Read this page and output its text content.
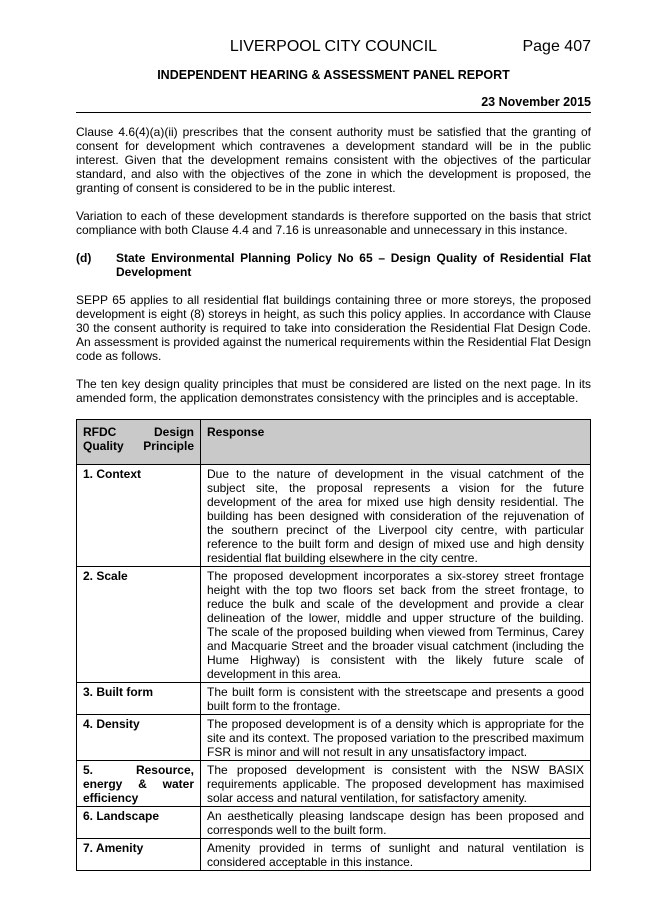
LIVERPOOL CITY COUNCIL	Page 407
INDEPENDENT HEARING & ASSESSMENT PANEL REPORT
23 November 2015

Clause 4.6(4)(a)(ii) prescribes that the consent authority must be satisfied that the granting of consent for development which contravenes a development standard will be in the public interest. Given that the development remains consistent with the objectives of the particular standard, and also with the objectives of the zone in which the development is proposed, the granting of consent is considered to be in the public interest.

Variation to each of these development standards is therefore supported on the basis that strict compliance with both Clause 4.4 and 7.16 is unreasonable and unnecessary in this instance.

(d)	State Environmental Planning Policy No 65 – Design Quality of Residential Flat Development

SEPP 65 applies to all residential flat buildings containing three or more storeys, the proposed development is eight (8) storeys in height, as such this policy applies. In accordance with Clause 30 the consent authority is required to take into consideration the Residential Flat Design Code. An assessment is provided against the numerical requirements within the Residential Flat Design code as follows.

The ten key design quality principles that must be considered are listed on the next page. In its amended form, the application demonstrates consistency with the principles and is acceptable.

RFDC Design Quality Principle	Response
1. Context	Due to the nature of development in the visual catchment of the subject site, the proposal represents a vision for the future development of the area for mixed use high density residential. The building has been designed with consideration of the rejuvenation of the southern precinct of the Liverpool city centre, with particular reference to the built form and design of mixed use and high density residential flat building elsewhere in the city centre.
2. Scale	The proposed development incorporates a six-storey street frontage height with the top two floors set back from the street frontage, to reduce the bulk and scale of the development and provide a clear delineation of the lower, middle and upper structure of the building. The scale of the proposed building when viewed from Terminus, Carey and Macquarie Street and the broader visual catchment (including the Hume Highway) is consistent with the likely future scale of development in this area.
3. Built form	The built form is consistent with the streetscape and presents a good built form to the frontage.
4. Density	The proposed development is of a density which is appropriate for the site and its context. The proposed variation to the prescribed maximum FSR is minor and will not result in any unsatisfactory impact.
5. Resource, energy & water efficiency	The proposed development is consistent with the NSW BASIX requirements applicable. The proposed development has maximised solar access and natural ventilation, for satisfactory amenity.
6. Landscape	An aesthetically pleasing landscape design has been proposed and corresponds well to the built form.
7. Amenity	Amenity provided in terms of sunlight and natural ventilation is considered acceptable in this instance.
